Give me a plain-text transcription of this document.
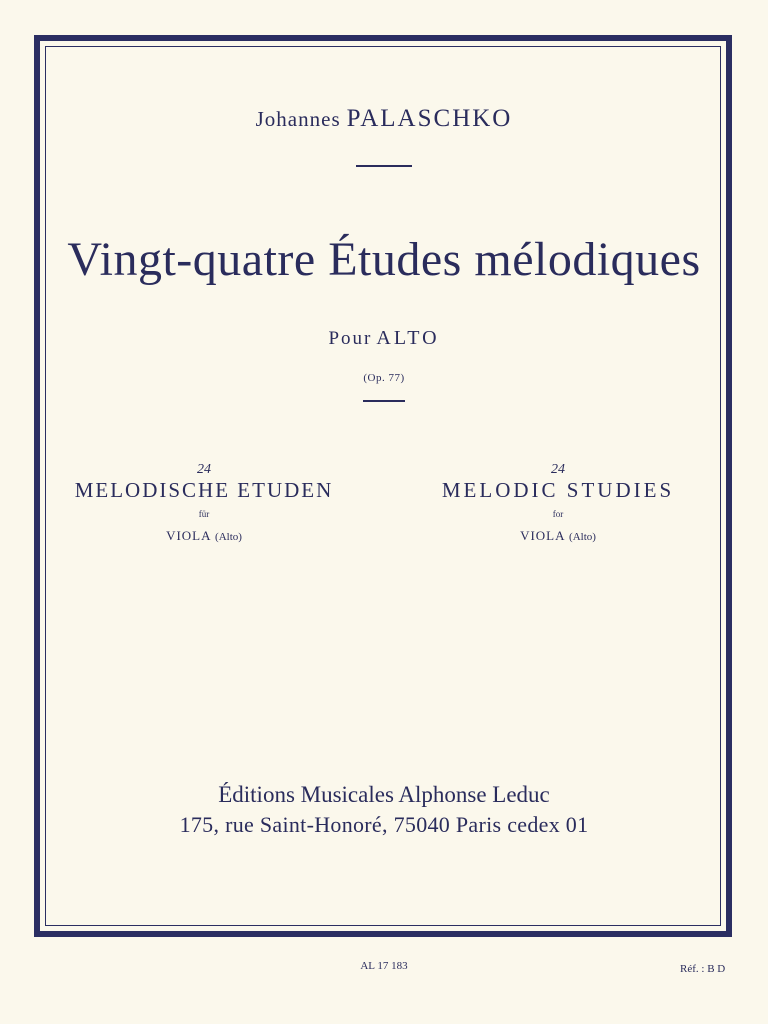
Johannes PALASCHKO
Vingt-quatre Études mélodiques
Pour ALTO
(Op. 77)
24
MELODISCHE ETUDEN
für
VIOLA (Alto)
24
MELODIC STUDIES
for
VIOLA (Alto)
Éditions Musicales Alphonse Leduc
175, rue Saint-Honoré, 75040 Paris cedex 01
AL 17 183	Réf. : B D
